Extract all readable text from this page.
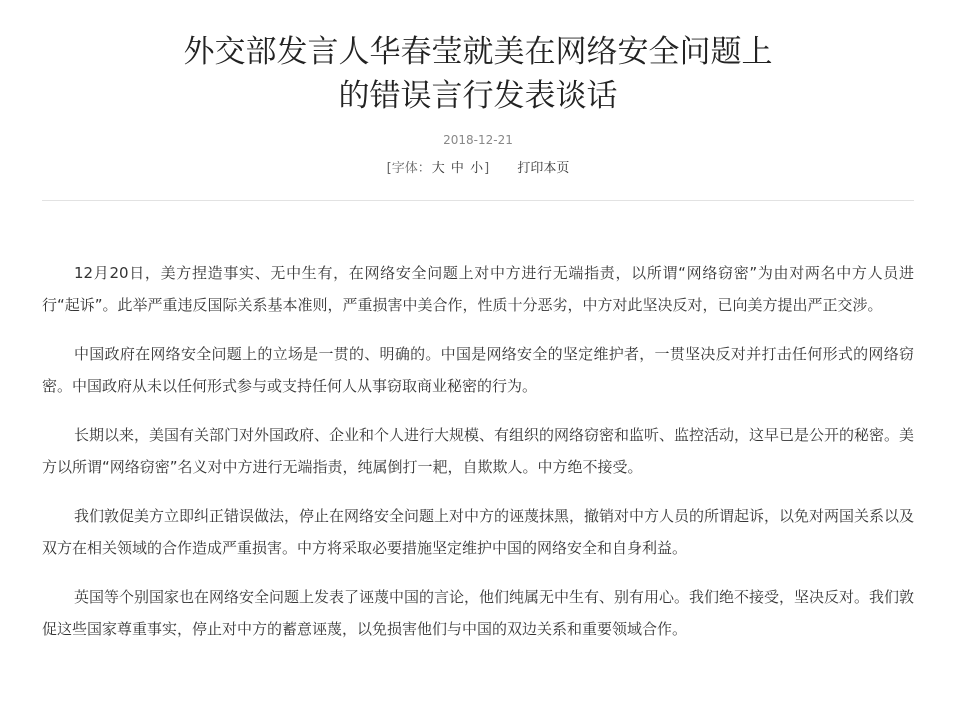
外交部发言人华春莹就美在网络安全问题上
的错误言行发表谈话
2018-12-21
[字体：大 中 小] 打印本页

12月20日，美方捏造事实、无中生有，在网络安全问题上对中方进行无端指责，以所谓“网络窃密”为由对两名中方人员进行“起诉”。此举严重违反国际关系基本准则，严重损害中美合作，性质十分恶劣，中方对此坚决反对，已向美方提出严正交涉。

中国政府在网络安全问题上的立场是一贯的、明确的。中国是网络安全的坚定维护者，一贯坚决反对并打击任何形式的网络窃密。中国政府从未以任何形式参与或支持任何人从事窃取商业秘密的行为。

长期以来，美国有关部门对外国政府、企业和个人进行大规模、有组织的网络窃密和监听、监控活动，这早已是公开的秘密。美方以所谓“网络窃密”名义对中方进行无端指责，纯属倒打一耙，自欺欺人。中方绝不接受。

我们敦促美方立即纠正错误做法，停止在网络安全问题上对中方的诬蔑抹黑，撤销对中方人员的所谓起诉，以免对两国关系以及双方在相关领域的合作造成严重损害。中方将采取必要措施坚定维护中国的网络安全和自身利益。

英国等个别国家也在网络安全问题上发表了诬蔑中国的言论，他们纯属无中生有、别有用心。我们绝不接受，坚决反对。我们敦促这些国家尊重事实，停止对中方的蓄意诬蔑，以免损害他们与中国的双边关系和重要领域合作。
